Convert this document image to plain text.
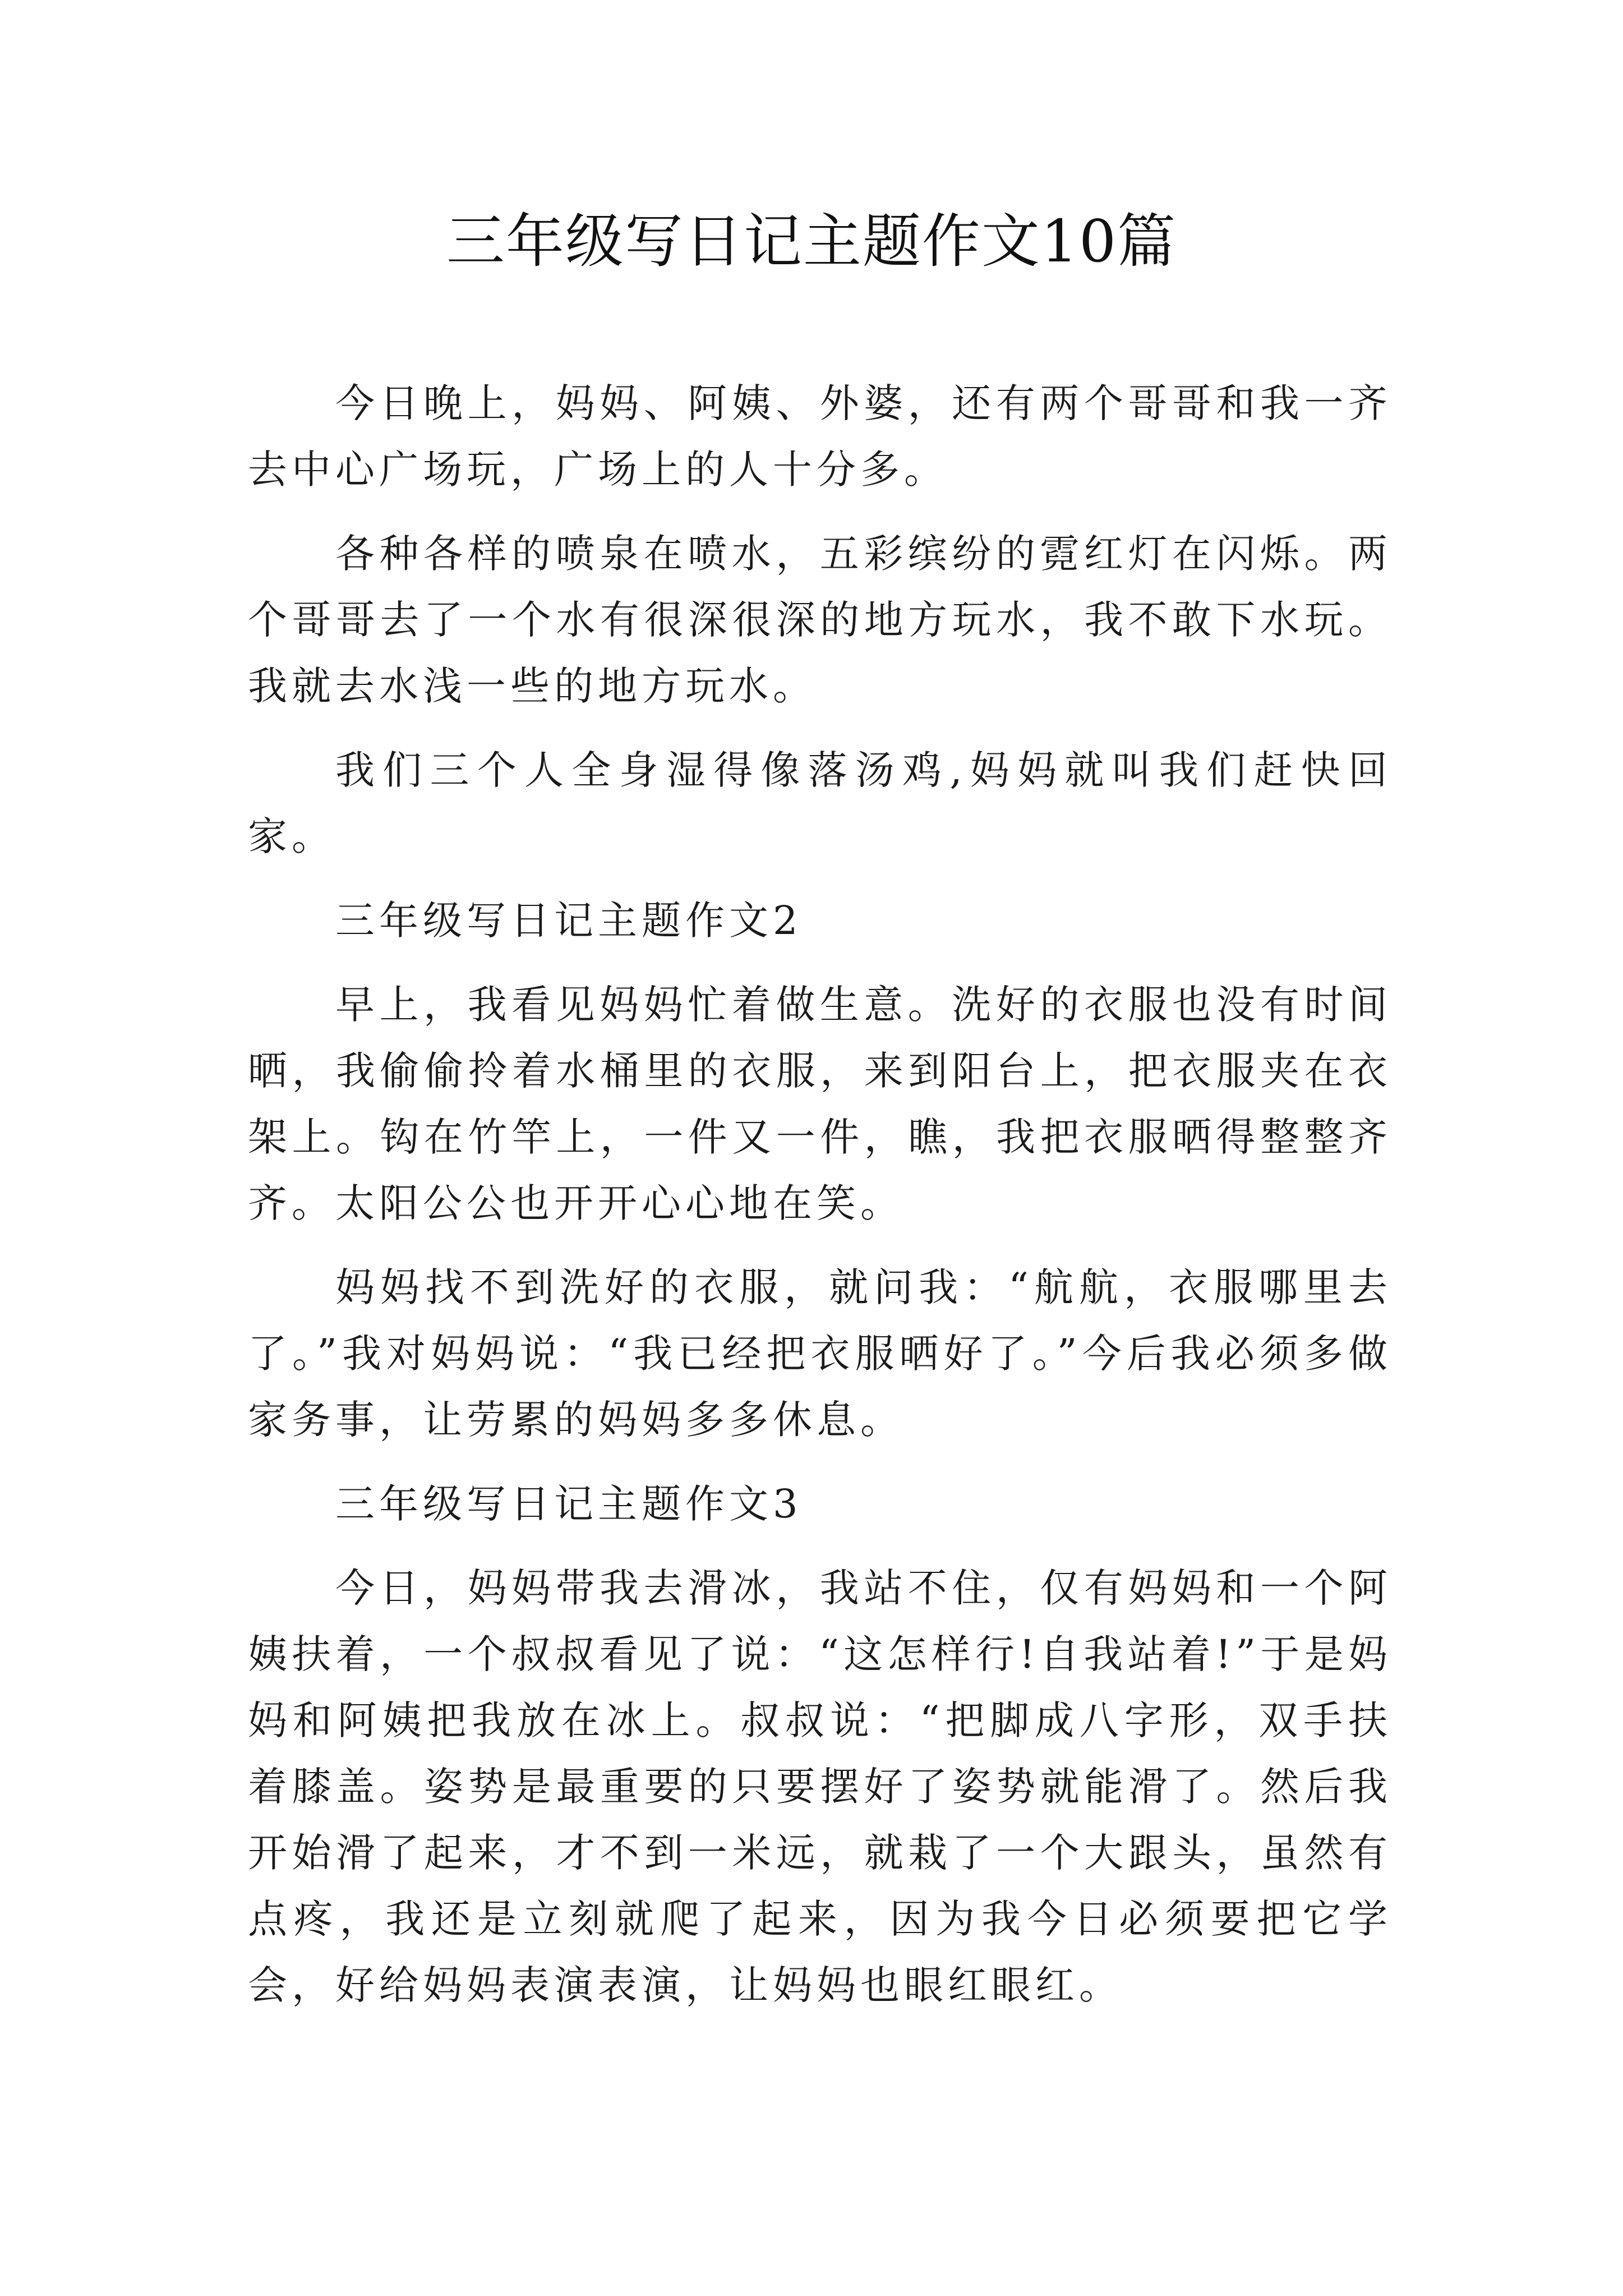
三年级写日记主题作文10篇

今日晚上，妈妈、阿姨、外婆，还有两个哥哥和我一齐去中心广场玩，广场上的人十分多。

各种各样的喷泉在喷水，五彩缤纷的霓红灯在闪烁。两个哥哥去了一个水有很深很深的地方玩水，我不敢下水玩。我就去水浅一些的地方玩水。

我们三个人全身湿得像落汤鸡,妈妈就叫我们赶快回家。

三年级写日记主题作文2

早上，我看见妈妈忙着做生意。洗好的衣服也没有时间晒，我偷偷拎着水桶里的衣服，来到阳台上，把衣服夹在衣架上。钩在竹竿上，一件又一件，瞧，我把衣服晒得整整齐齐。太阳公公也开开心心地在笑。

妈妈找不到洗好的衣服，就问我：“航航，衣服哪里去了。”我对妈妈说：“我已经把衣服晒好了。”今后我必须多做家务事，让劳累的妈妈多多休息。

三年级写日记主题作文3

今日，妈妈带我去滑冰，我站不住，仅有妈妈和一个阿姨扶着，一个叔叔看见了说：“这怎样行!自我站着!”于是妈妈和阿姨把我放在冰上。叔叔说：“把脚成八字形，双手扶着膝盖。姿势是最重要的只要摆好了姿势就能滑了。然后我开始滑了起来，才不到一米远，就栽了一个大跟头，虽然有点疼，我还是立刻就爬了起来，因为我今日必须要把它学会，好给妈妈表演表演，让妈妈也眼红眼红。
